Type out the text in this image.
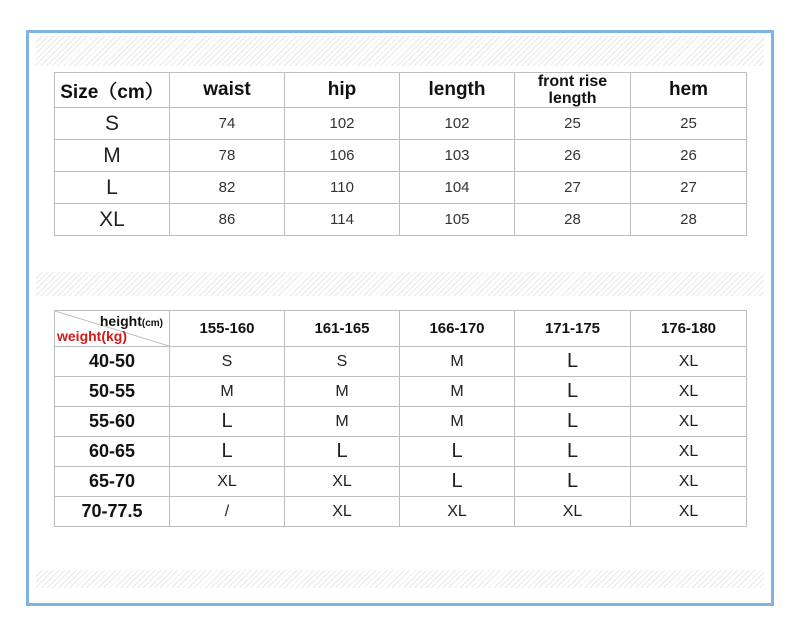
Size（cm）	waist	hip	length	front rise length	hem
S	74	102	102	25	25
M	78	106	103	26	26
L	82	110	104	27	27
XL	86	114	105	28	28
height(cm)
weight(kg)	155-160	161-165	166-170	171-175	176-180
40-50	S	S	M	L	XL
50-55	M	M	M	L	XL
55-60	L	M	M	L	XL
60-65	L	L	L	L	XL
65-70	XL	XL	L	L	XL
70-77.5	/	XL	XL	XL	XL
